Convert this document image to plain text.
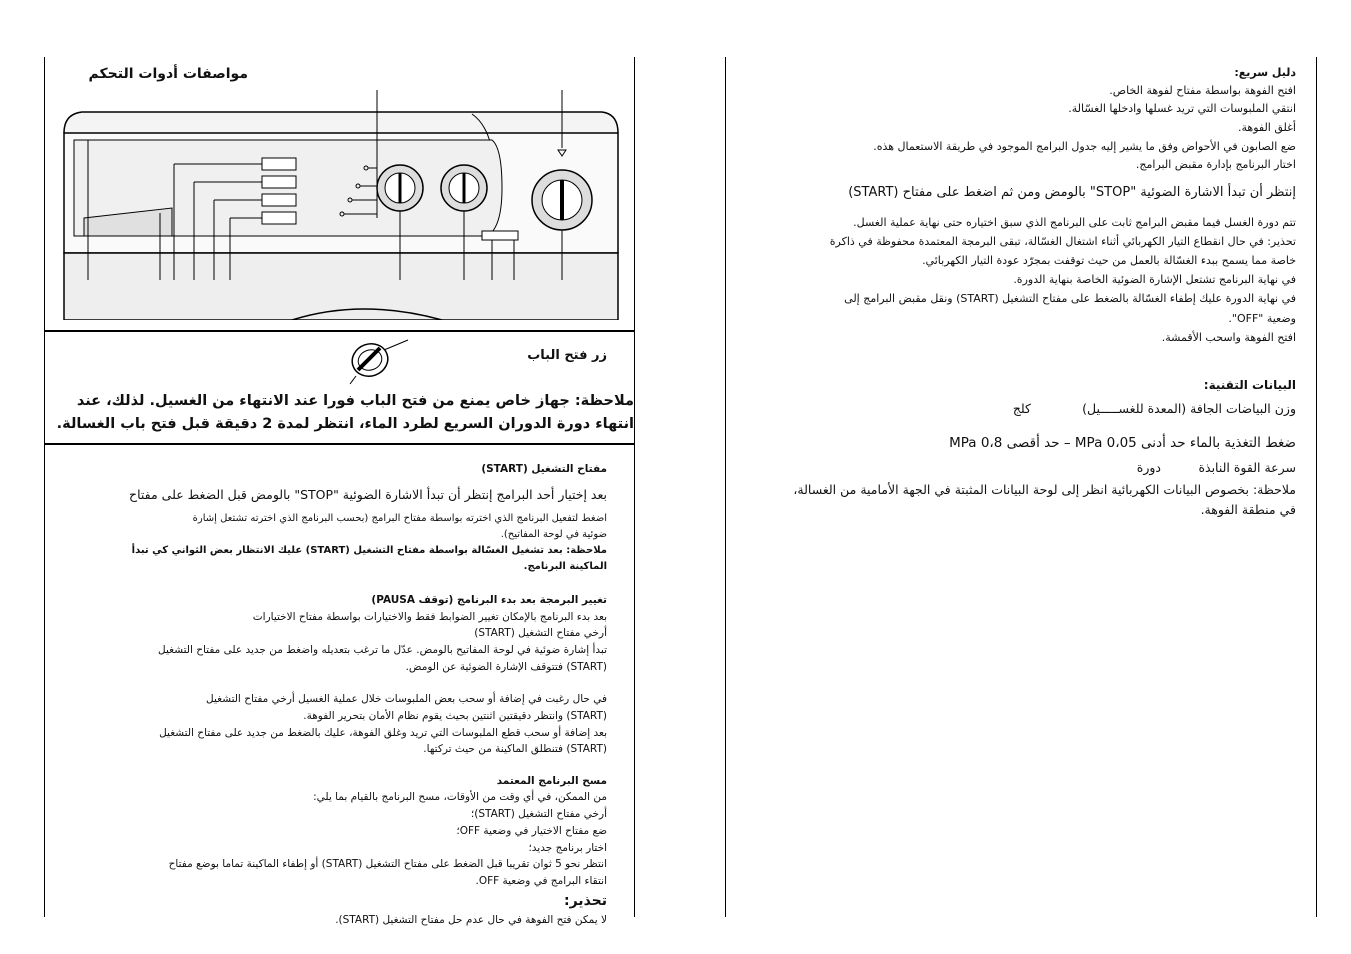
مواصفات أدوات التحكم
زر فتح الباب
ملاحظة: جهاز خاص يمنع من فتح الباب فورا عند الانتهاء من الغسيل. لذلك، عند
انتهاء دورة الدوران السريع لطرد الماء، انتظر لمدة 2 دقيقة قبل فتح باب الغسالة.
مفتاح التشغيل (START)
بعد إختيار أحد البرامج إنتظر أن تبدأ الاشارة الضوئية "STOP" بالومض قبل الضغط على مفتاح
اضغط لتفعيل البرنامج الذي اخترته بواسطة مفتاح البرامج (بحسب البرنامج الذي اخترته تشتعل إشارة
ضوئية في لوحة المفاتيح).
ملاحظة: بعد تشغيل الغسّالة بواسطة مفتاح التشغيل (START) عليك الانتظار بعض الثواني كي تبدأ
الماكينة البرنامج.
تغيير البرمجة بعد بدء البرنامج (توقف PAUSA)
بعد بدء البرنامج بالإمكان تغيير الضوابط فقط والاختيارات بواسطة مفتاح الاختيارات
أرخي مفتاح التشغيل (START)
تبدأ إشارة ضوئية في لوحة المفاتيح بالومض. عدّل ما ترغب بتعديله واضغط من جديد على مفتاح التشغيل
(START) فتتوقف الإشارة الضوئية عن الومض.
في حال رغبت في إضافة أو سحب بعض الملبوسات خلال عملية الغسيل أرخي مفتاح التشغيل
(START) وانتظر دقيقتين اثنتين بحيث يقوم نظام الأمان بتحرير الفوهة.
بعد إضافة أو سحب قطع الملبوسات التي تريد وغلق الفوهة، عليك بالضغط من جديد على مفتاح التشغيل
(START) فتنطلق الماكينة من حيث تركتها.
مسح البرنامج المعتمد
من الممكن، في أي وقت من الأوقات، مسح البرنامج بالقيام بما يلي:
أرخي مفتاح التشغيل (START)؛
ضع مفتاح الاختيار في وضعية OFF؛
اختار برنامج جديد؛
انتظر نحو 5 ثوان تقريبا قبل الضغط على مفتاح التشغيل (START) أو إطفاء الماكينة تماما بوضع مفتاح
انتقاء البرامج في وضعية OFF.
تحذير:
لا يمكن فتح الفوهة في حال عدم حل مفتاح التشغيل (START).
دليل سريع:
افتح الفوهة بواسطة مفتاح لفوهة الخاص.
انتقي الملبوسات التي تريد غسلها وادخلها الغسّالة.
أغلق الفوهة.
ضع الصابون في الأحواض وفق ما يشير إليه جدول البرامج الموجود في طريقة الاستعمال هذه.
اختار البرنامج بإدارة مقبض البرامج.
إنتظر أن تبدأ الاشارة الضوئية "STOP" بالومض ومن ثم اضغط على مفتاح (START)
تتم دورة الغسل فيما مقبض البرامج ثابت على البرنامج الذي سبق اختياره حتى نهاية عملية الغسل.
تحذير: في حال انقطاع التيار الكهربائي أثناء اشتغال الغسّالة، تبقى البرمجة المعتمدة محفوظة في ذاكرة
خاصة مما يسمح ببدء الغسّالة بالعمل من حيث توقفت بمجرّد عودة التيار الكهربائي.
في نهاية البرنامج تشتعل الإشارة الضوئية الخاصة بنهاية الدورة.
في نهاية الدورة عليك إطفاء الغسّالة بالضغط على مفتاح التشغيل (START) ونقل مقبض البرامج إلى
وضعية "OFF".
افتح الفوهة واسحب الأقمشة.
البيانات التقنية:
وزن البياضات الجافة (المعدة للغســـــيل)
كلج
ضغط التغذية بالماء حد أدنى MPa 0،05 – حد أقصى MPa 0،8
سرعة القوة النابذة
دورة
ملاحظة: بخصوص البيانات الكهربائية انظر إلى لوحة البيانات المثبتة في الجهة الأمامية من الغسالة،
في منطقة الفوهة.
